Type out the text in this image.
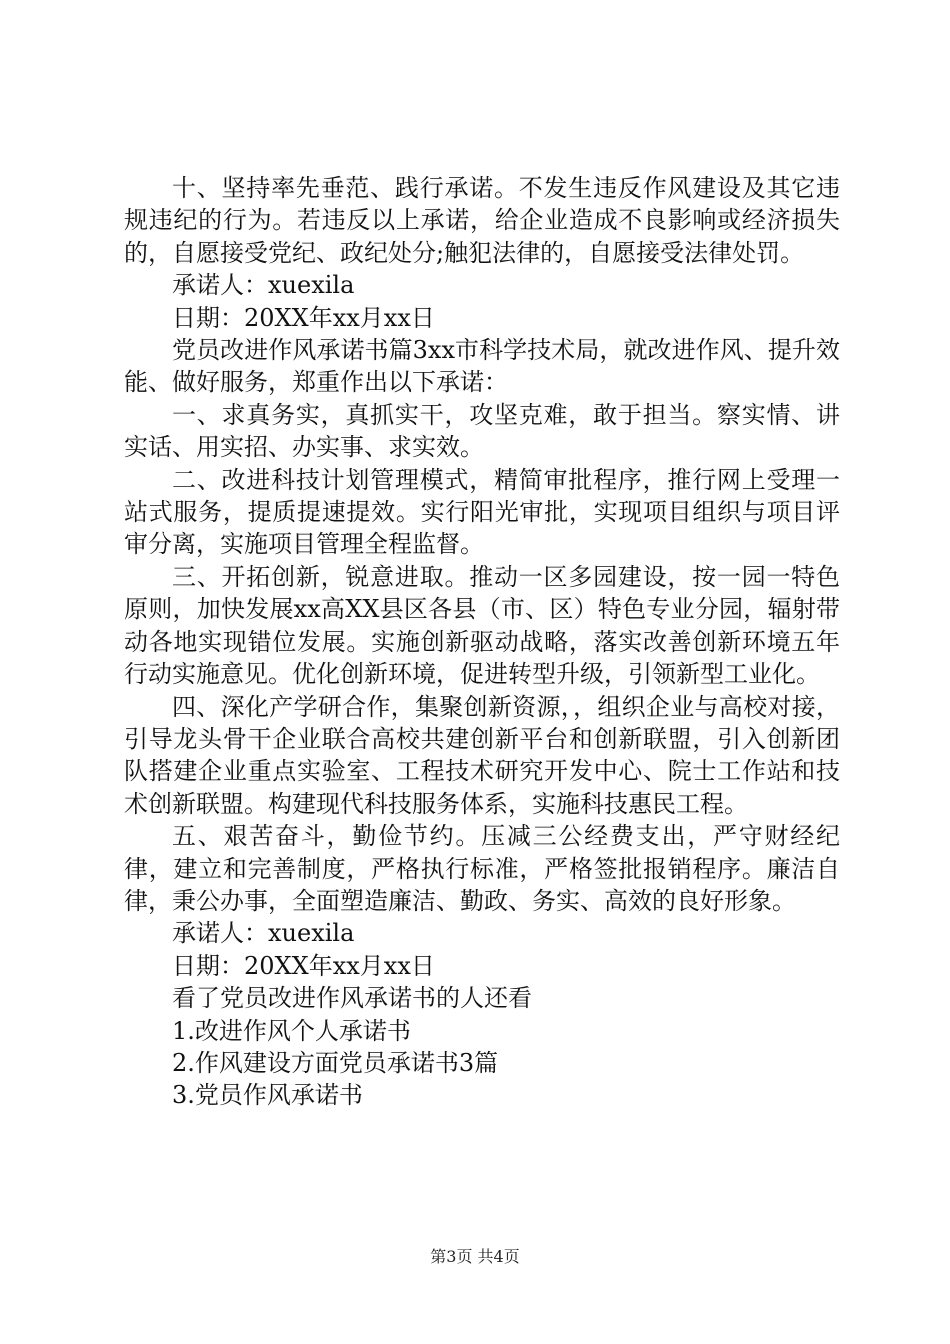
十、坚持率先垂范、践行承诺。不发生违反作风建设及其它违规违纪的行为。若违反以上承诺，给企业造成不良影响或经济损失的，自愿接受党纪、政纪处分;触犯法律的，自愿接受法律处罚。

承诺人：xuexila

日期：20XX年xx月xx日

党员改进作风承诺书篇3xx市科学技术局，就改进作风、提升效能、做好服务，郑重作出以下承诺：

一、求真务实，真抓实干，攻坚克难，敢于担当。察实情、讲实话、用实招、办实事、求实效。

二、改进科技计划管理模式，精简审批程序，推行网上受理一站式服务，提质提速提效。实行阳光审批，实现项目组织与项目评审分离，实施项目管理全程监督。

三、开拓创新，锐意进取。推动一区多园建设，按一园一特色原则，加快发展xx高XX县区各县（市、区）特色专业分园，辐射带动各地实现错位发展。实施创新驱动战略，落实改善创新环境五年行动实施意见。优化创新环境，促进转型升级，引领新型工业化。

四、深化产学研合作，集聚创新资源，，组织企业与高校对接，引导龙头骨干企业联合高校共建创新平台和创新联盟，引入创新团队搭建企业重点实验室、工程技术研究开发中心、院士工作站和技术创新联盟。构建现代科技服务体系，实施科技惠民工程。

五、艰苦奋斗，勤俭节约。压减三公经费支出，严守财经纪律，建立和完善制度，严格执行标准，严格签批报销程序。廉洁自律，秉公办事，全面塑造廉洁、勤政、务实、高效的良好形象。

承诺人：xuexila

日期：20XX年xx月xx日

看了党员改进作风承诺书的人还看

1.改进作风个人承诺书

2.作风建设方面党员承诺书3篇

3.党员作风承诺书

第3页 共4页
